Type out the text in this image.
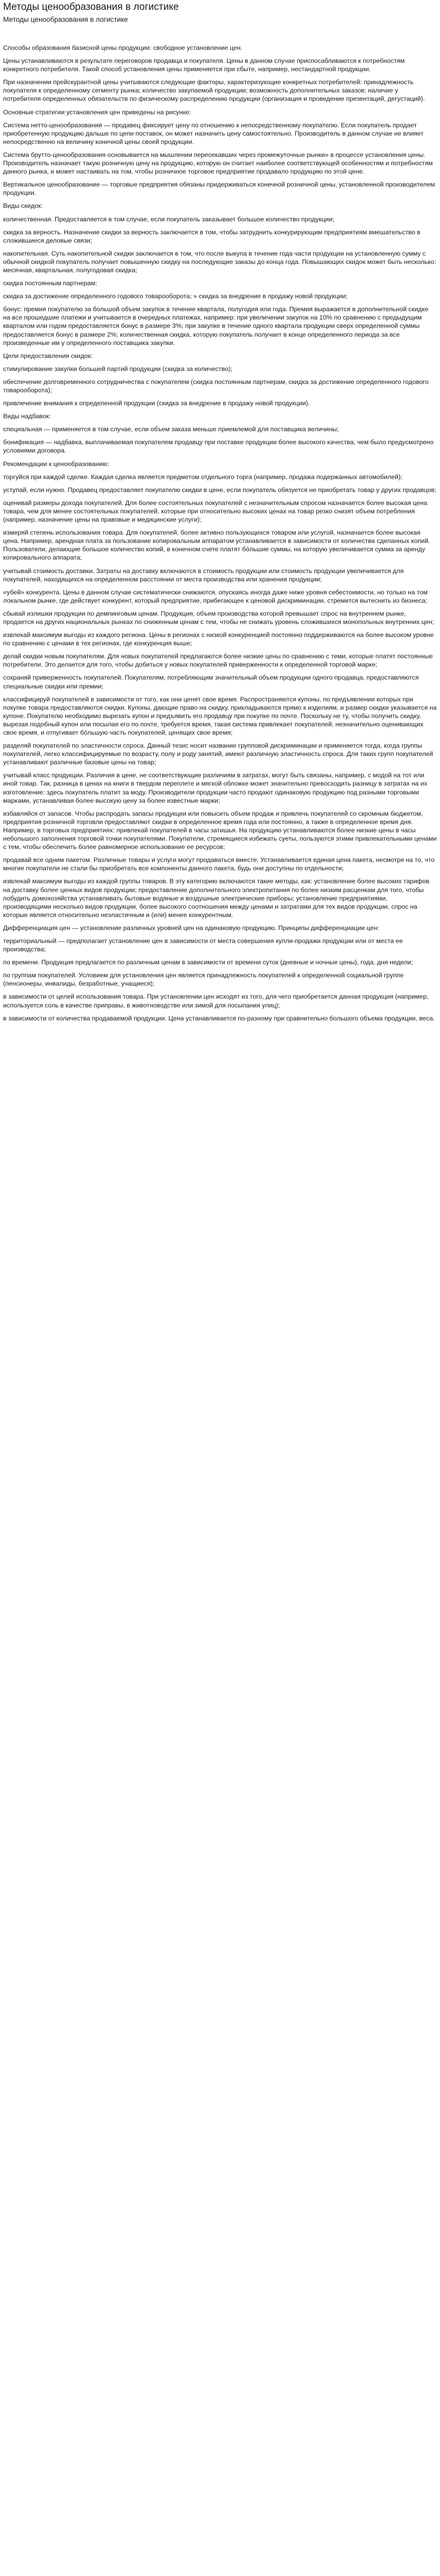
Методы ценообразования в логистике
Методы ценообразования в логистике

Способы образования базисной цены продукции: свободное установление цен.

Цены устанавливаются в результате переговоров продавца и покупателя. Цены в данном случае приспосабливаются к потребностям конкретного потребителя. Такой способ установления цены применяется при сбыте, например, нестандартной продукции.

При назначении прейскурантной цены учитываются следующие факторы, характеризующие конкретных потребителей: принадлежность покупателя к определенному сегменту рынка; количество закупаемой продукции; возможность дополнительных заказов; наличие у потребителя определенных обязательств по физическому распределению продукции (организация и проведение презентаций, дегустаций).

Основные стратегии установления цен приведены на рисунке:

Система нетто-ценообразования — продавец фиксирует цену по отношению к непосредственному покупателю. Если покупатель продает приобретенную продукцию дальше по цепи поставок, он может назначить цену самостоятельно. Производитель в данном случае не влияет непосредственно на величину конечной цены своей продукции.

Система брутто-ценообразования основывается на мышлении пересекавших через промежуточные рынки» в процессе установления цены. Производитель назначает такую розничную цену на продукцию, которую он считает наиболее соответствующей особенностям и потребностям данного рынка, и может настаивать на том, чтобы розничное торговое предприятие продавало продукцию по этой цене.

Вертикальное ценообразование — торговые предприятия обязаны придерживаться конечной розничной цены, установленной производителем продукции.

Виды скидок:

количественная. Предоставляется в том случае, если покупатель заказывает большое количество продукции;

скидка за верность. Назначение скидки за верность заключается в том, чтобы затруднить конкурирующим предприятиям вмешательство в сложившиеся деловые связи;

накопительная. Суть накопительной скидки заключается в том, что после выкупа в течение года части продукции на установленную сумму с обычной скидкой покупатель получает повышенную скидку на последующие заказы до конца года. Повышающих скидок может быть несколько: месячная, квартальная, полугодовая скидка;

скидка постоянным партнерам;

скидка за достижение определенного годового товарооборота; » скидка за внедрение в продажу новой продукции;

бонус: премия покупателю за большой объем закупок в течение квартала, полугодия или года. Премия выражается в дополнительной скидке на все прошедшие платежи и учитывается в очередных платежах, например: при увеличении закупок на 10% по сравнению с предыдущим кварталом или годом предоставляется бонус в размере 3%; при закупке в течение одного квартала продукции сверх определенной суммы предоставляется бонус в размере 2%; количественная скидка, которую покупатель получает в конце определенного периода за все произведенные им у определенного поставщика закупки.

Цели предоставления скидок:

стимулирование закупки большей партий продукции (скидка за количество);

обеспечение долговременного сотрудничества с покупателем (скидка постоянным партнерам, скидка за достижение определенного годового товарооборота);

привлечение внимания к определенной продукции (скидка за внедрение в продажу новой продукции).

Виды надбавок:

специальная — применяется в том случае, если объем заказа меньше приемлемой для поставщика величины;

бонификация — надбавка, выплачиваемая покупателем продавцу при поставке продукции более высокого качества, чем было предусмотрено условиями договора.

Рекомендации к ценообразованию:

торгуйся при каждой сделке. Каждая сделка является предметом отдельного торга (например, продажа подержанных автомобилей);

уступай, если нужно. Продавец предоставляет покупателю скидки в цене, если покупатель обязуется не приобретать товар у других продавцов;

оценивай размеры дохода покупателей. Для более состоятельных покупателей с незначительным спросом назначается более высокая цена товара, чем для менее состоятельных покупателей, которые при относительно высоких ценах на товар резко снизят объем потребления (например, назначение цены на правовые и медицинские услуги);

измеряй степень использования товара. Для покупателей, более активно пользующихся товаром или услугой, назначается более высокая цена. Например, арендная плата за пользование копировальным аппаратом устанавливается в зависимости от количества сделанных копий. Пользователи, делающие большое количество копий, в конечном счете платят бóльшие суммы, на которую увеличивается сумма за аренду копировального аппарата;

учитывай стоимость доставки. Затраты на доставку включаются в стоимость продукции или стоимость продукции увеличивается для покупателей, находящихся на определенном расстоянии от места производства или хранения продукции;

«убей» конкурента. Цены в данном случае систематически снижаются, опускаясь иногда даже ниже уровня себестоимости, но только на том локальном рынке, где действует конкурент, который предприятие, прибегающее к ценовой дискриминации, стремится вытеснить из бизнеса;

сбывай излишки продукции по демпинговым ценам. Продукция, объем производства которой превышает спрос на внутреннем рынке, продается на других национальных рынках по сниженным ценам с тем, чтобы не снижать уровень сложившихся монопольных внутренних цен;

извлекай максимум выгоды из каждого региона. Цены в регионах с низкой конкуренцией постоянно поддерживаются на более высоком уровне по сравнению с ценами в тех регионах, где конкуренция выше;

делай скидки новым покупателям. Для новых покупателей предлагаются более низкие цены по сравнению с теми, которые платят постоянные потребители. Это делается для того, чтобы добиться у новых покупателей приверженности к определенной торговой марке;

сохраняй приверженность покупателей. Покупателям, потребляющим значительный объем продукции одного продавца, предоставляются специальные скидки или премии;

классифицируй покупателей в зависимости от того, как они ценят свое время. Распространяются купоны, по предъявлении которых при покупке товара предоставляются скидки. Купоны, дающие право на скидку, прикладываются прямо к изделиям, и размер скидки указывается на купоне. Покупателю необходимо вырезать купон и предъявить его продавцу при покупке по почте. Поскольку не ту, чтобы получить скидку, вырезая подобный купон или посылая его по почте, требуется время, такая система привлекает покупателей, незначительно оценивающих свое время, и отпугивает бóльшую часть покупателей, ценящих свое время;

разделяй покупателей по эластичности спроса. Данный тезис носит название групповой дискриминации и применяется тогда, когда группы покупателей, легко классифицируемые по возрасту, полу и роду занятий, имеют различную эластичность спроса. Для таких групп покупателей устанавливают различные базовые цены на товар;

учитывай класс продукции. Различия в цене, не соответствующие различиям в затратах, могут быть связаны, например, с модой на тот или иной товар. Так, разница в ценах на книги в твердом переплете и мягкой обложке может значительно превосходить разницу в затратах на их изготовление: здесь покупатель платит за моду. Производители продукции часто продают одинаковую продукцию под разными торговыми марками, устанавливая более высокую цену за более известные марки;

избавляйся от запасов. Чтобы распродать запасы продукции или повысить объем продаж и привлечь покупателей со скромным бюджетом, предприятия розничной торговли предоставляют скидки в определенное время года или постоянно, а также в определенное время дня. Например, в торговых предприятиях: привлекай покупателей в часы затишья. На продукцию устанавливаются более низкие цены в часы небольшого заполнения торговой точки покупателями. Покупатели, стремящиеся избежать суеты, пользуются этими привлекательными ценами с тем, чтобы обеспечить более равномерное использование ее ресурсов;

продавай все одним пакетом. Различные товары и услуги могут продаваться вместе. Устанавливается единая цена пакета, несмотря на то, что многие покупатели не стали бы приобретать все компоненты данного пакета, будь они доступны по отдельности;

извлекай максимум выгоды из каждой группы товаров. В эту категорию включаются такие методы, как: установление более высоких тарифов на доставку более ценных видов продукции; предоставление дополнительного электропитания по более низким расценкам для того, чтобы побудить домохозяйства устанавливать бытовые водяные и воздушные электрические приборы; установление предприятиями, производящими несколько видов продукции, более высокого соотношения между ценами и затратами для тех видов продукции, спрос на которые является относительно неэластичным и (или) менее конкурентным.

Дифференциация цен — установление различных уровней цен на одинаковую продукцию. Принципы дифференциации цен:

территориальный — предполагает установление цен в зависимости от места совершения купли-продажи продукции или от места ее производства;

по времени. Продукция предлагается по различным ценам в зависимости от времени суток (дневные и ночные цены), года, дня недели;

по группам покупателей. Условием для установления цен является принадлежность покупателей к определенной социальной группе (пенсионеры, инвалиды, безработные, учащиеся);

в зависимости от целей использования товара. При установлении цен исходят из того, для чего приобретается данная продукция (например, используется соль в качестве приправы, в животноводстве или зимой для посыпания улиц);

в зависимости от количества продаваемой продукции. Цена устанавливается по-разному при сравнительно большого объема продукции, веса.
